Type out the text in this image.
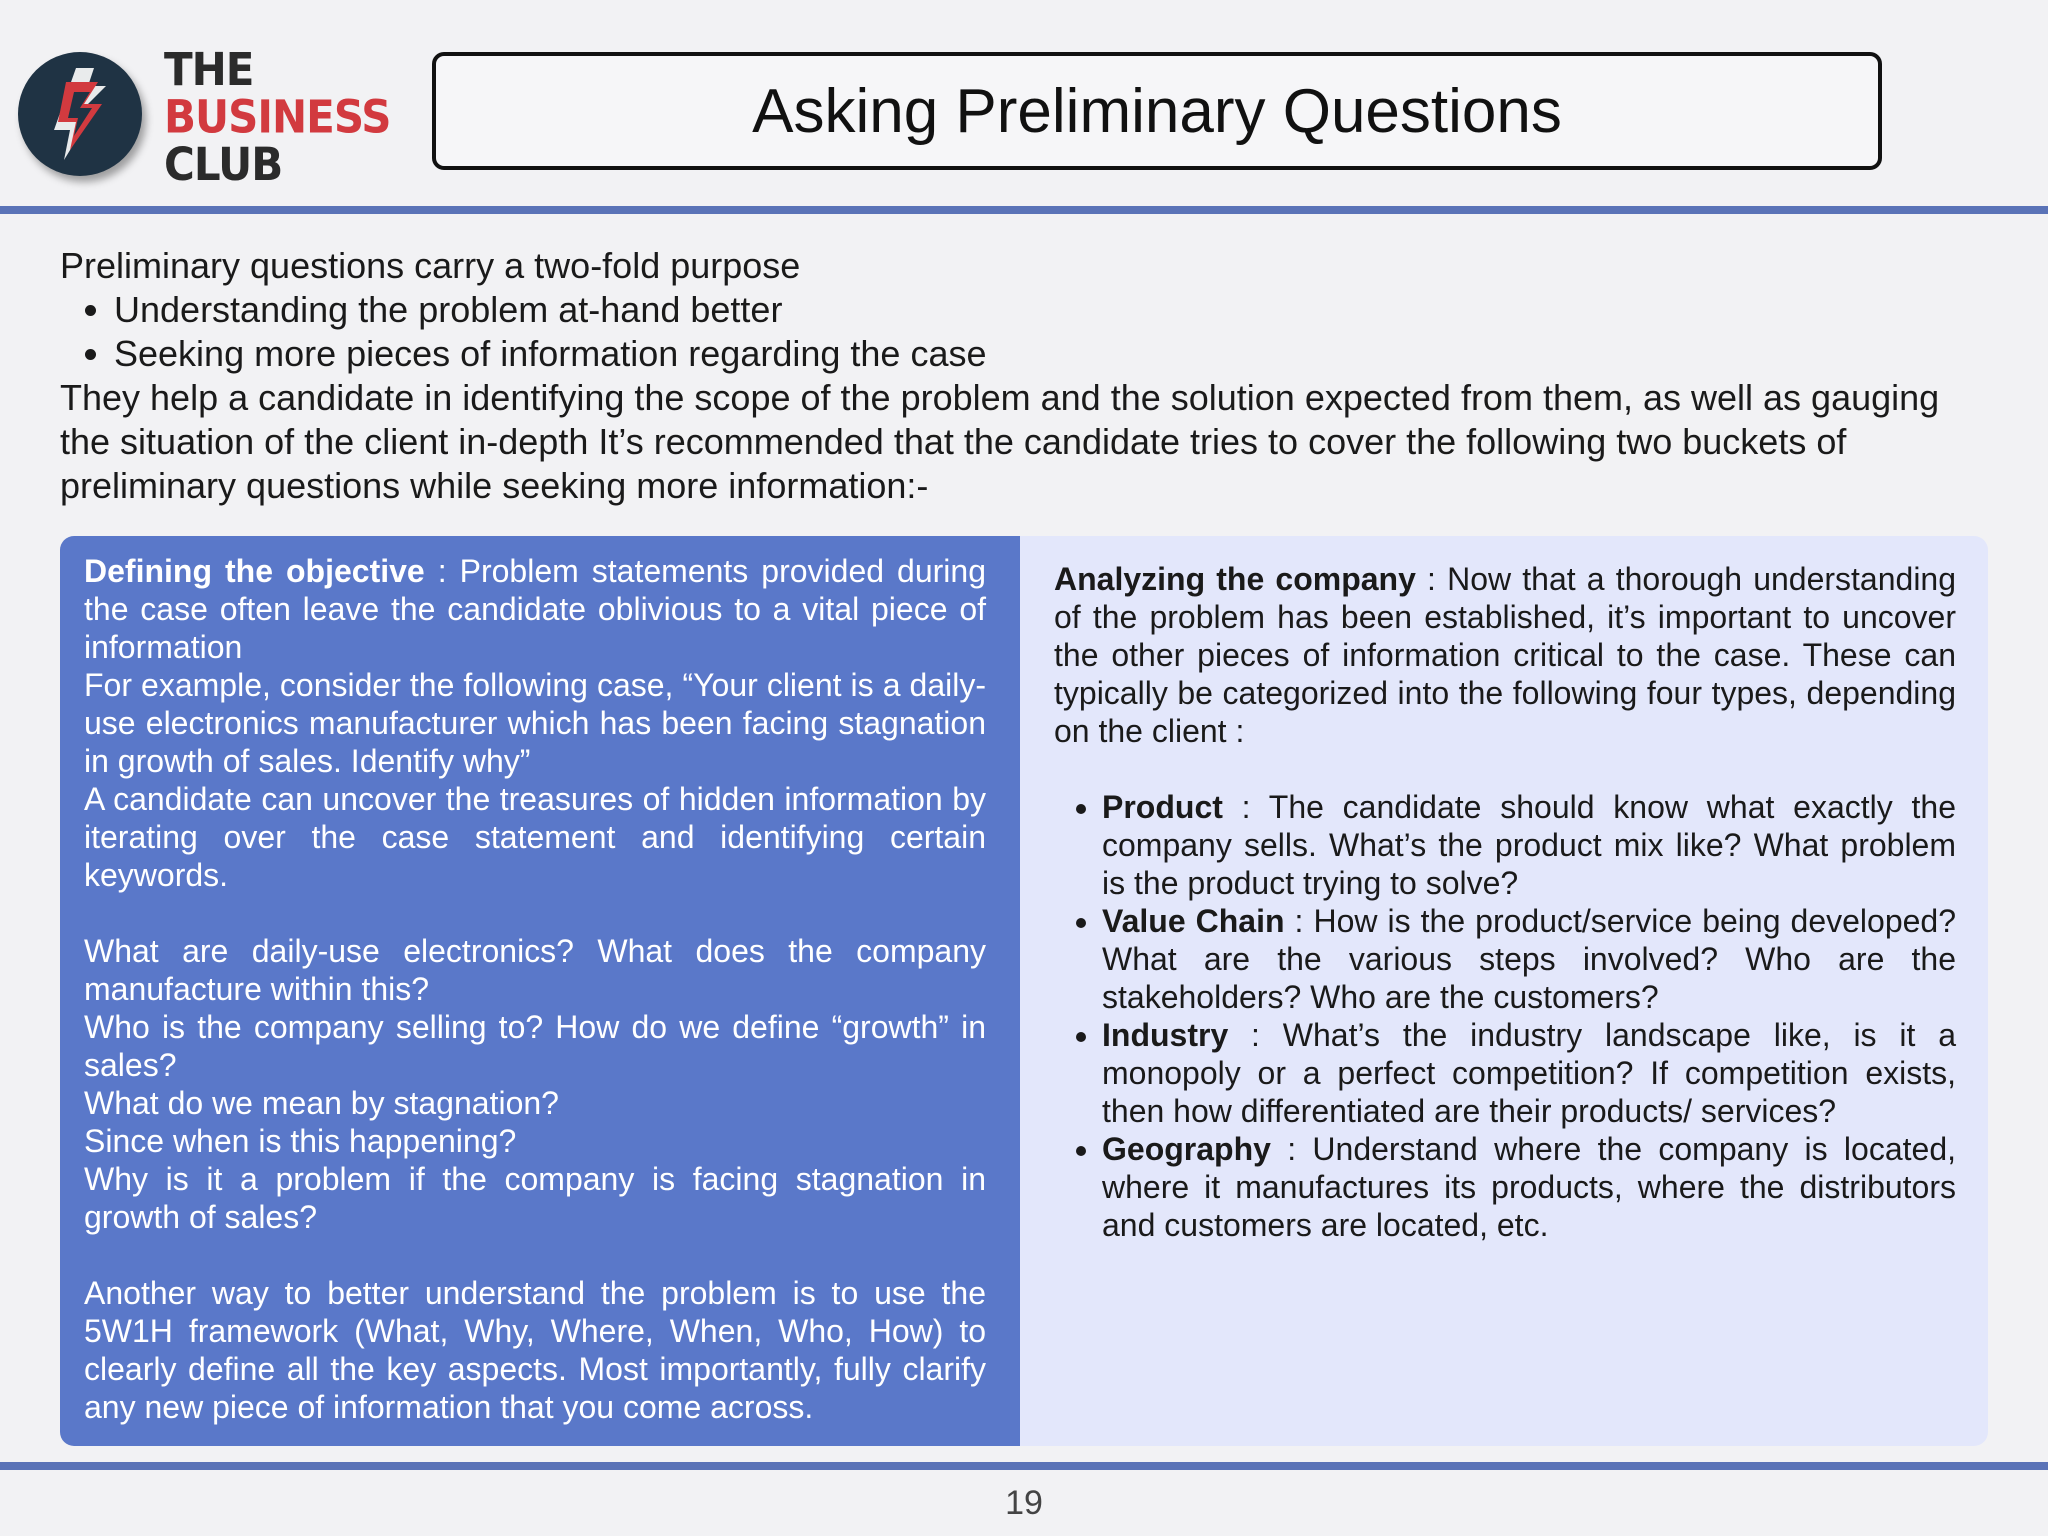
THE
BUSINESS
CLUB
Asking Preliminary Questions

Preliminary questions carry a two-fold purpose

• Understanding the problem at-hand better
• Seeking more pieces of information regarding the case

They help a candidate in identifying the scope of the problem and the solution expected from them, as well as gauging the situation of the client in-depth It’s recommended that the candidate tries to cover the following two buckets of preliminary questions while seeking more information:-

Defining the objective : Problem statements provided during the case often leave the candidate oblivious to a vital piece of information

For example, consider the following case, “Your client is a daily-use electronics manufacturer which has been facing stagnation in growth of sales. Identify why”

A candidate can uncover the treasures of hidden information by iterating over the case statement and identifying certain keywords.

What are daily-use electronics? What does the company manufacture within this?

Who is the company selling to? How do we define “growth” in sales?

What do we mean by stagnation?

Since when is this happening?

Why is it a problem if the company is facing stagnation in growth of sales?

Another way to better understand the problem is to use the 5W1H framework (What, Why, Where, When, Who, How) to clearly define all the key aspects. Most importantly, fully clarify any new piece of information that you come across.

Analyzing the company : Now that a thorough understanding of the problem has been established, it’s important to uncover the other pieces of information critical to the case. These can typically be categorized into the following four types, depending on the client :

• Product : The candidate should know what exactly the company sells. What’s the product mix like? What problem is the product trying to solve?
• Value Chain : How is the product/service being developed? What are the various steps involved? Who are the stakeholders? Who are the customers?
• Industry : What’s the industry landscape like, is it a monopoly or a perfect competition? If competition exists, then how differentiated are their products/ services?
• Geography : Understand where the company is located, where it manufactures its products, where the distributors and customers are located, etc.
19
